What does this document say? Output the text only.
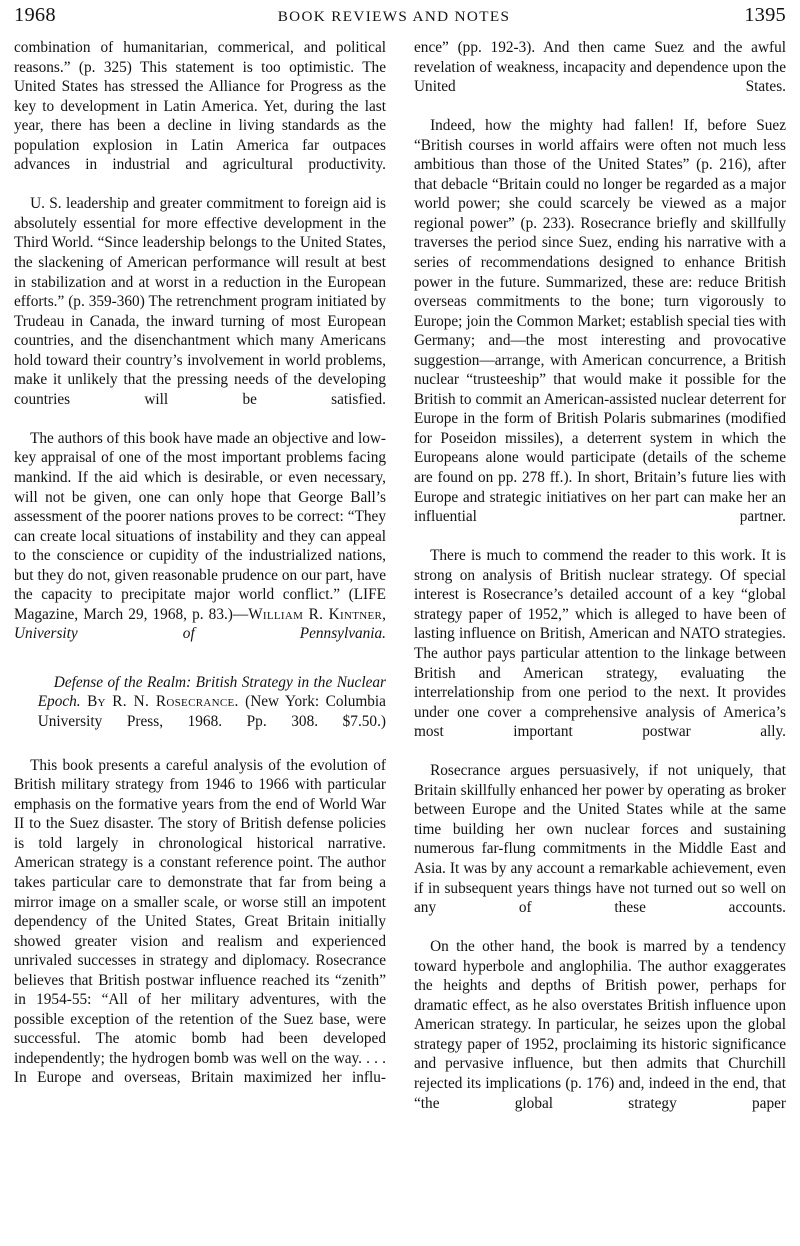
1968	BOOK REVIEWS AND NOTES	1395

combination of humanitarian, commerical, and political reasons.” (p. 325) This statement is too optimistic. The United States has stressed the Alliance for Progress as the key to development in Latin America. Yet, during the last year, there has been a decline in living standards as the population explosion in Latin America far outpaces advances in industrial and agricultural productivity.

U. S. leadership and greater commitment to foreign aid is absolutely essential for more effective development in the Third World. “Since leadership belongs to the United States, the slackening of American performance will result at best in stabilization and at worst in a reduction in the European efforts.” (p. 359-360) The retrenchment program initiated by Trudeau in Canada, the inward turning of most European countries, and the disenchantment which many Americans hold toward their country’s involvement in world problems, make it unlikely that the pressing needs of the developing countries will be satisfied.

The authors of this book have made an objective and low-key appraisal of one of the most important problems facing mankind. If the aid which is desirable, or even necessary, will not be given, one can only hope that George Ball’s assessment of the poorer nations proves to be correct: “They can create local situations of instability and they can appeal to the conscience or cupidity of the industrialized nations, but they do not, given reasonable prudence on our part, have the capacity to precipitate major world conflict.” (LIFE Magazine, March 29, 1968, p. 83.)—William R. Kintner, University of Pennsylvania.

Defense of the Realm: British Strategy in the Nuclear Epoch. By R. N. Rosecrance. (New York: Columbia University Press, 1968. Pp. 308. $7.50.)

This book presents a careful analysis of the evolution of British military strategy from 1946 to 1966 with particular emphasis on the formative years from the end of World War II to the Suez disaster. The story of British defense policies is told largely in chronological historical narrative. American strategy is a constant reference point. The author takes particular care to demonstrate that far from being a mirror image on a smaller scale, or worse still an impotent dependency of the United States, Great Britain initially showed greater vision and realism and experienced unrivaled successes in strategy and diplomacy. Rosecrance believes that British postwar influence reached its “zenith” in 1954-55: “All of her military adventures, with the possible exception of the retention of the Suez base, were successful. The atomic bomb had been developed independently; the hydrogen bomb was well on the way. . . . In Europe and overseas, Britain maximized her influ-

ence” (pp. 192-3). And then came Suez and the awful revelation of weakness, incapacity and dependence upon the United States.

Indeed, how the mighty had fallen! If, before Suez “British courses in world affairs were often not much less ambitious than those of the United States” (p. 216), after that debacle “Britain could no longer be regarded as a major world power; she could scarcely be viewed as a major regional power” (p. 233). Rosecrance briefly and skillfully traverses the period since Suez, ending his narrative with a series of recommendations designed to enhance British power in the future. Summarized, these are: reduce British overseas commitments to the bone; turn vigorously to Europe; join the Common Market; establish special ties with Germany; and—the most interesting and provocative suggestion—arrange, with American concurrence, a British nuclear “trusteeship” that would make it possible for the British to commit an American-assisted nuclear deterrent for Europe in the form of British Polaris submarines (modified for Poseidon missiles), a deterrent system in which the Europeans alone would participate (details of the scheme are found on pp. 278 ff.). In short, Britain’s future lies with Europe and strategic initiatives on her part can make her an influential partner.

There is much to commend the reader to this work. It is strong on analysis of British nuclear strategy. Of special interest is Rosecrance’s detailed account of a key “global strategy paper of 1952,” which is alleged to have been of lasting influence on British, American and NATO strategies. The author pays particular attention to the linkage between British and American strategy, evaluating the interrelationship from one period to the next. It provides under one cover a comprehensive analysis of America’s most important postwar ally.

Rosecrance argues persuasively, if not uniquely, that Britain skillfully enhanced her power by operating as broker between Europe and the United States while at the same time building her own nuclear forces and sustaining numerous far-flung commitments in the Middle East and Asia. It was by any account a remarkable achievement, even if in subsequent years things have not turned out so well on any of these accounts.

On the other hand, the book is marred by a tendency toward hyperbole and anglophilia. The author exaggerates the heights and depths of British power, perhaps for dramatic effect, as he also overstates British influence upon American strategy. In particular, he seizes upon the global strategy paper of 1952, proclaiming its historic significance and pervasive influence, but then admits that Churchill rejected its implications (p. 176) and, indeed in the end, that “the global strategy paper
